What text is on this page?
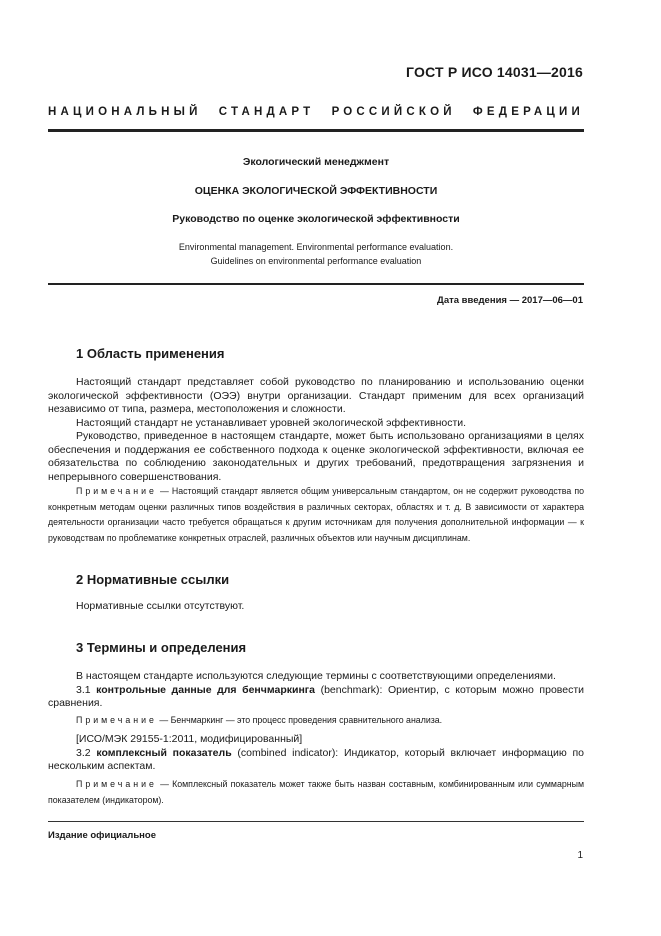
ГОСТ Р ИСО 14031—2016
НАЦИОНАЛЬНЫЙ СТАНДАРТ РОССИЙСКОЙ ФЕДЕРАЦИИ
Экологический менеджмент
ОЦЕНКА ЭКОЛОГИЧЕСКОЙ ЭФФЕКТИВНОСТИ
Руководство по оценке экологической эффективности
Environmental management. Environmental performance evaluation.
Guidelines on environmental performance evaluation
Дата введения — 2017—06—01
1 Область применения

Настоящий стандарт представляет собой руководство по планированию и использованию оценки экологической эффективности (ОЭЭ) внутри организации. Стандарт применим для всех организаций независимо от типа, размера, местоположения и сложности.

Настоящий стандарт не устанавливает уровней экологической эффективности.

Руководство, приведенное в настоящем стандарте, может быть использовано организациями в целях обеспечения и поддержания ее собственного подхода к оценке экологической эффективности, включая ее обязательства по соблюдению законодательных и других требований, предотвращения загрязнения и непрерывного совершенствования.

Примечание — Настоящий стандарт является общим универсальным стандартом, он не содержит руководства по конкретным методам оценки различных типов воздействия в различных секторах, областях и т. д. В зависимости от характера деятельности организации часто требуется обращаться к другим источникам для получения дополнительной информации — к руководствам по проблематике конкретных отраслей, различных объектов или научным дисциплинам.

2 Нормативные ссылки

Нормативные ссылки отсутствуют.

3 Термины и определения

В настоящем стандарте используются следующие термины с соответствующими определениями.

3.1 контрольные данные для бенчмаркинга (benchmark): Ориентир, с которым можно провести сравнения.

Примечание — Бенчмаркинг — это процесс проведения сравнительного анализа.

[ИСО/МЭК 29155-1:2011, модифицированный]

3.2 комплексный показатель (combined indicator): Индикатор, который включает информацию по нескольким аспектам.

Примечание — Комплексный показатель может также быть назван составным, комбинированным или суммарным показателем (индикатором).

Издание официальное
1
